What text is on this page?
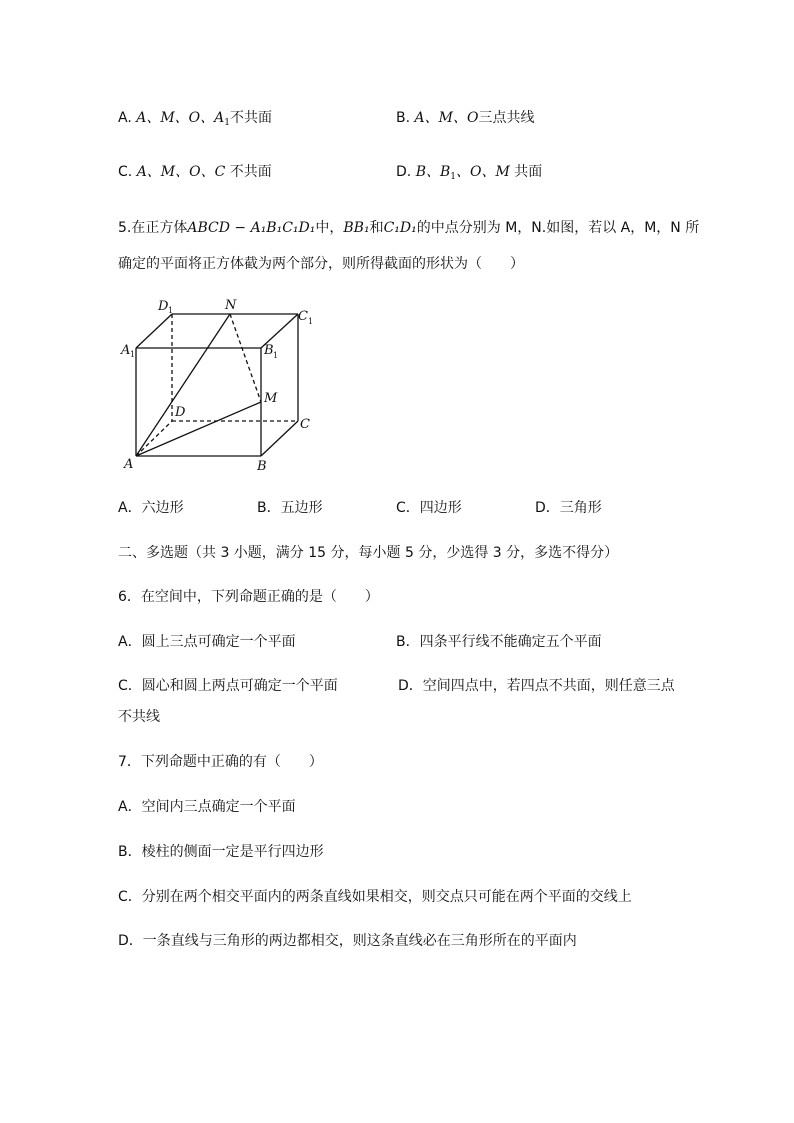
A. A、M、O、$A_1$不共面	B. A、M、O三点共线
C. A、M、O、C 不共面	D. B、$B_1$、O、M 共面
5.在正方体ABCD − A₁B₁C₁D₁中，BB₁和C₁D₁的中点分别为 M，N.如图，若以 A，M，N 所
确定的平面将正方体截为两个部分，则所得截面的形状为（　　）
D 1	N
C 1
A 1	B 1
M
D
C
A	B
A．六边形	B．五边形	C．四边形	D．三角形
二、多选题（共 3 小题，满分 15 分，每小题 5 分，少选得 3 分，多选不得分）
6．在空间中，下列命题正确的是（　　）
A．圆上三点可确定一个平面	B．四条平行线不能确定五个平面
C．圆心和圆上两点可确定一个平面	D．空间四点中，若四点不共面，则任意三点
不共线
7．下列命题中正确的有（　　）
A．空间内三点确定一个平面
B．棱柱的侧面一定是平行四边形
C．分别在两个相交平面内的两条直线如果相交，则交点只可能在两个平面的交线上
D．一条直线与三角形的两边都相交，则这条直线必在三角形所在的平面内
